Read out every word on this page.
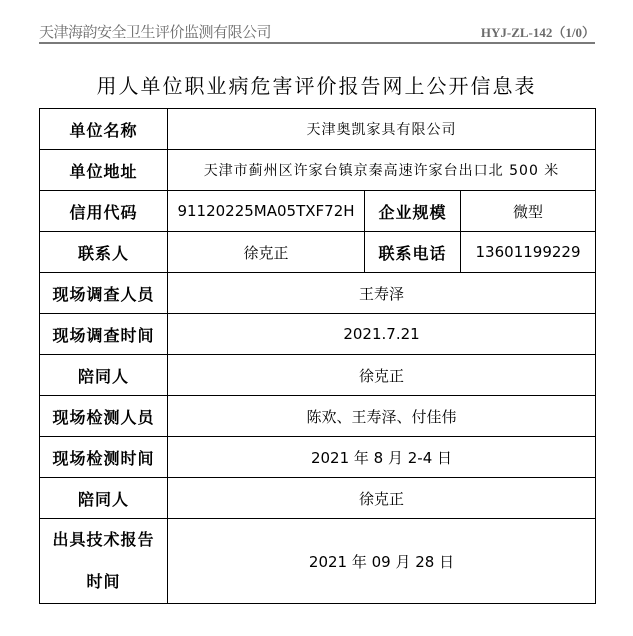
天津海韵安全卫生评价监测有限公司	HYJ-ZL-142（1/0）
用人单位职业病危害评价报告网上公开信息表
单位名称	天津奥凯家具有限公司		
单位地址	天津市蓟州区许家台镇京秦高速许家台出口北 500 米		
信用代码	91120225MA05TXF72H	企业规模	微型
联系人	徐克正	联系电话	13601199229
现场调查人员	王寿泽		
现场调查时间	2021.7.21		
陪同人	徐克正		
现场检测人员	陈欢、王寿泽、付佳伟		
现场检测时间	2021 年 8 月 2-4 日		
陪同人	徐克正		

出具技术报告
时间	2021 年 09 月 28 日		
